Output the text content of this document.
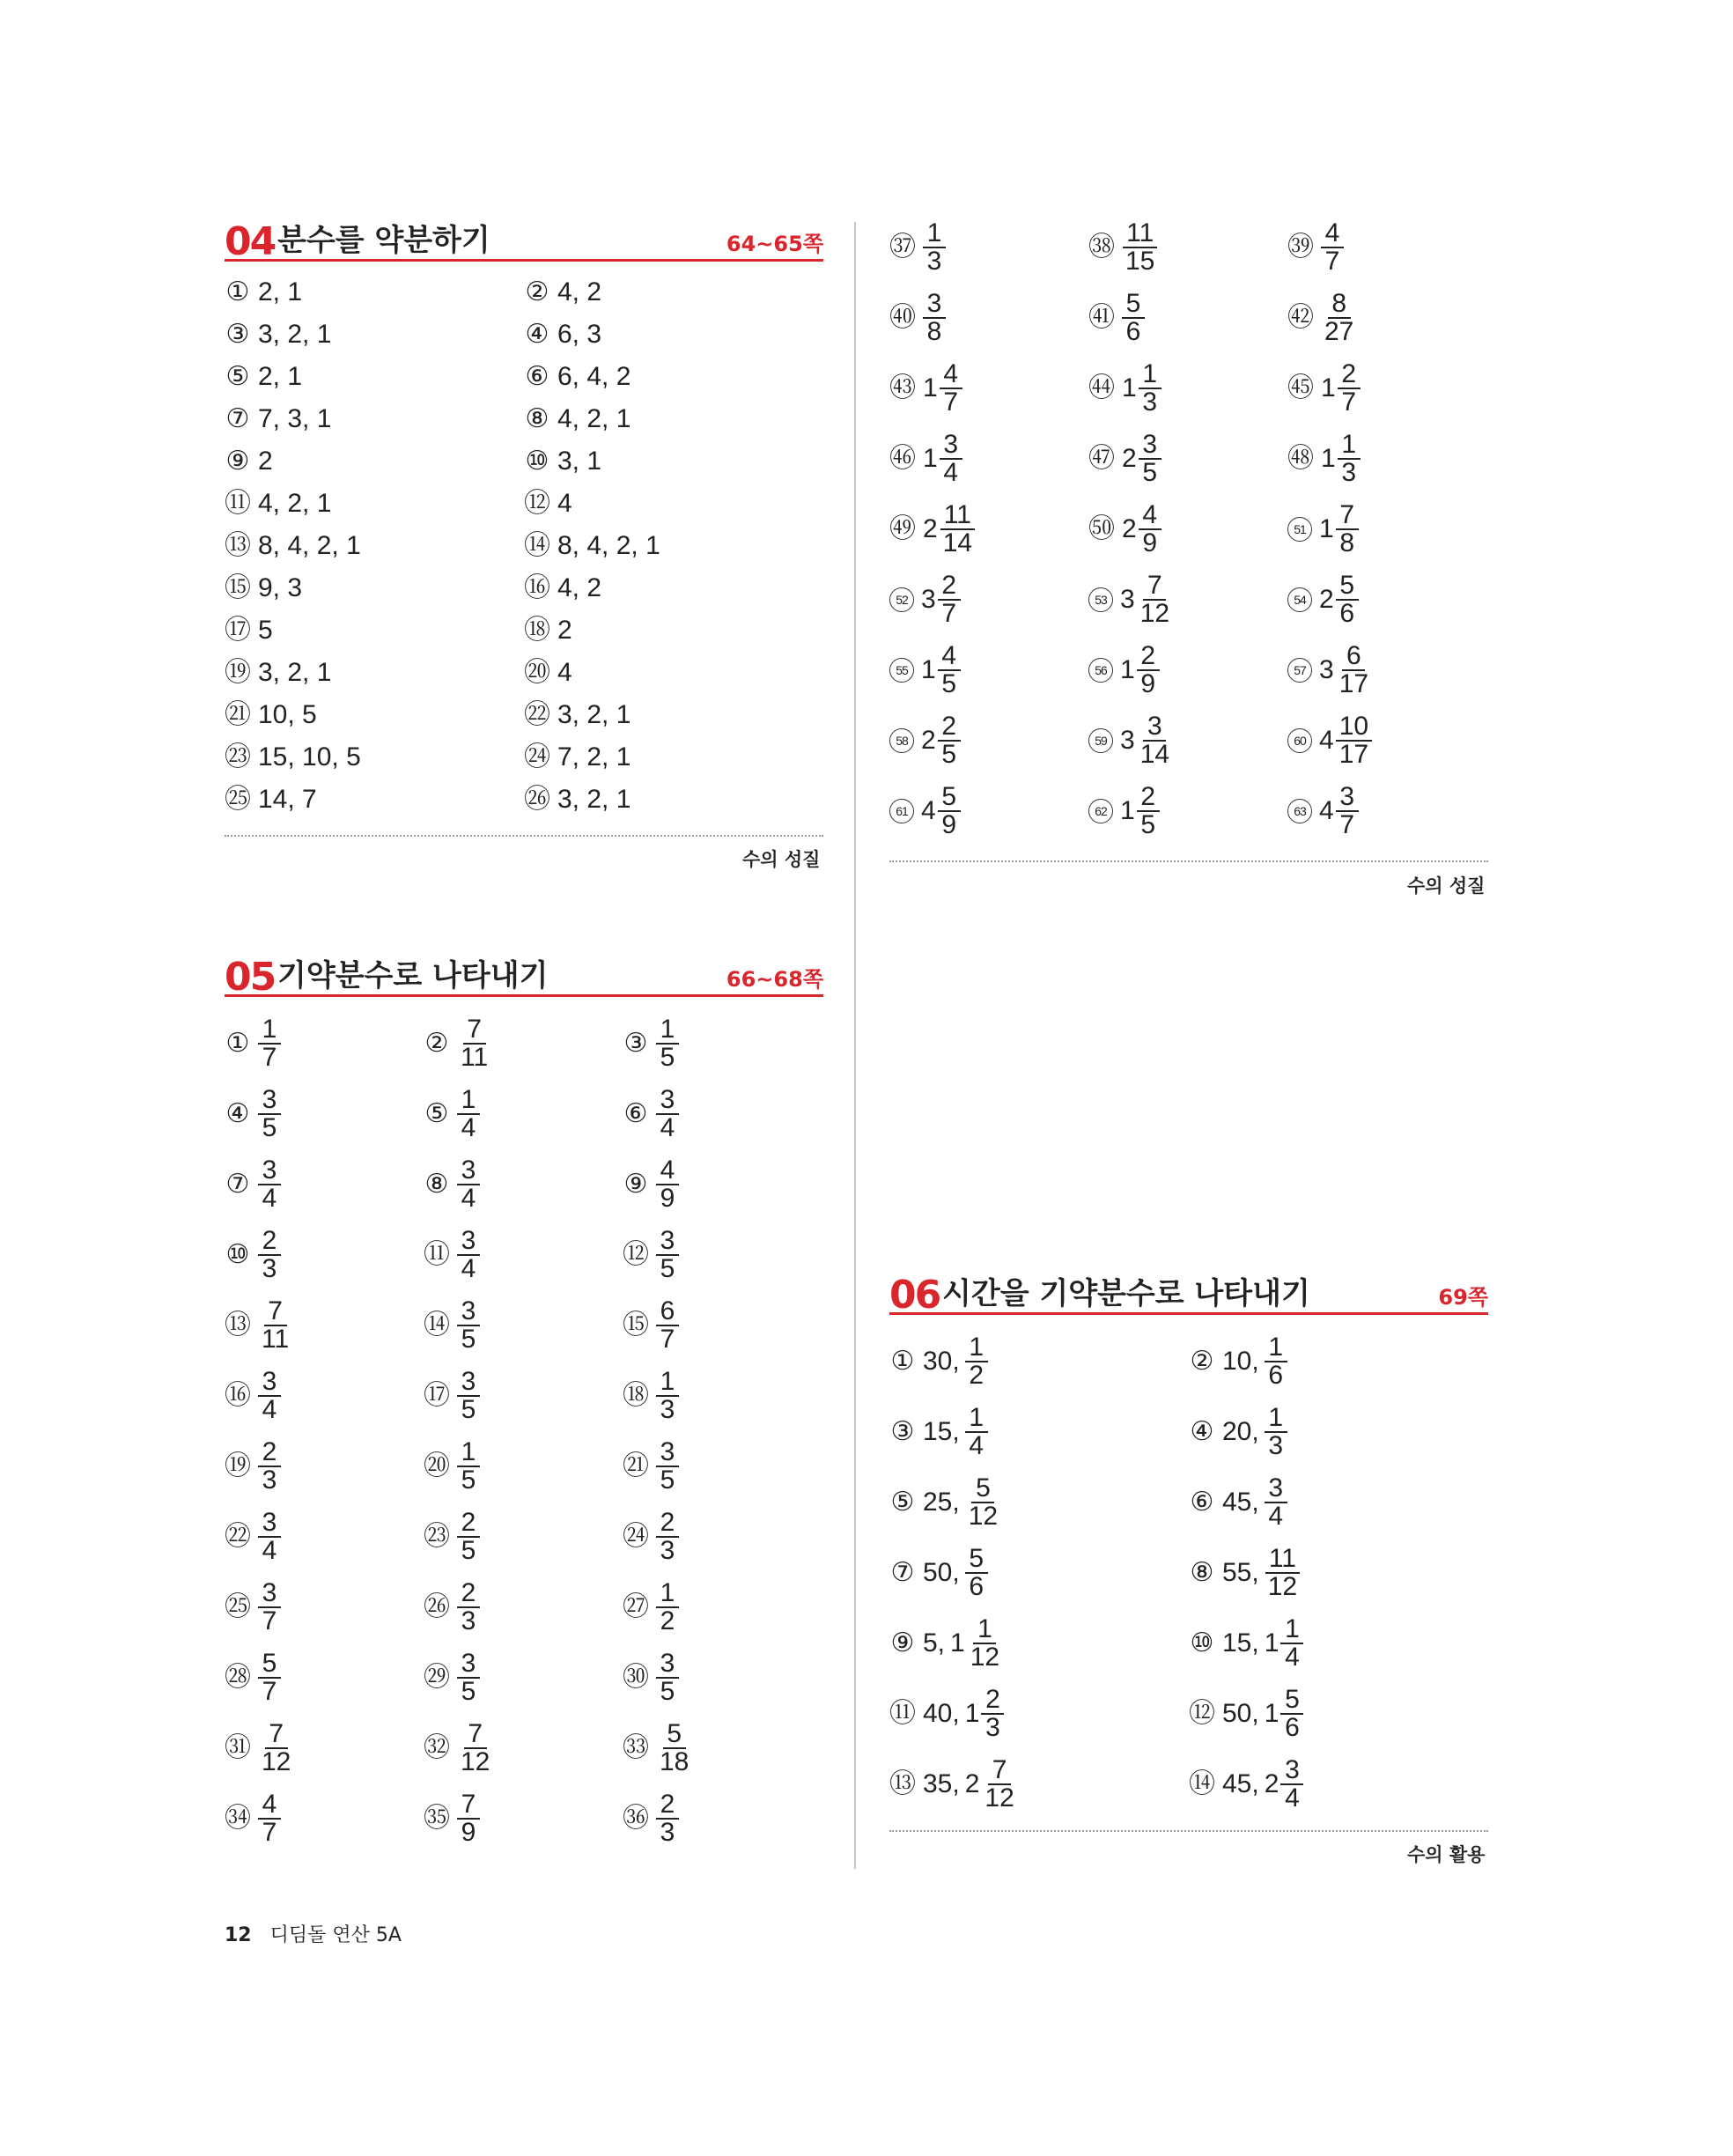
04 분수를 약분하기	64~65쪽
① 2, 1	② 4, 2
③ 3, 2, 1	④ 6, 3
⑤ 2, 1	⑥ 6, 4, 2
⑦ 7, 3, 1	⑧ 4, 2, 1
⑨ 2	⑩ 3, 1
⑪ 4, 2, 1	⑫ 4
⑬ 8, 4, 2, 1	⑭ 8, 4, 2, 1
⑮ 9, 3	⑯ 4, 2
⑰ 5	⑱ 2
⑲ 3, 2, 1	⑳ 4
㉑ 10, 5	㉒ 3, 2, 1
㉓ 15, 10, 5	㉔ 7, 2, 1
㉕ 14, 7	㉖ 3, 2, 1
수의 성질
05 기약분수로 나타내기	66~68쪽
① $\frac{1}{7}$	② $\frac{7}{11}$	③ $\frac{1}{5}$
④ $\frac{3}{5}$	⑤ $\frac{1}{4}$	⑥ $\frac{3}{4}$
⑦ $\frac{3}{4}$	⑧ $\frac{3}{4}$	⑨ $\frac{4}{9}$
⑩ $\frac{2}{3}$	⑪ $\frac{3}{4}$	⑫ $\frac{3}{5}$
⑬ $\frac{7}{11}$	⑭ $\frac{3}{5}$	⑮ $\frac{6}{7}$
⑯ $\frac{3}{4}$	⑰ $\frac{3}{5}$	⑱ $\frac{1}{3}$
⑲ $\frac{2}{3}$	⑳ $\frac{1}{5}$	㉑ $\frac{3}{5}$
㉒ $\frac{3}{4}$	㉓ $\frac{2}{5}$	㉔ $\frac{2}{3}$
㉕ $\frac{3}{7}$	㉖ $\frac{2}{3}$	㉗ $\frac{1}{2}$
㉘ $\frac{5}{7}$	㉙ $\frac{3}{5}$	㉚ $\frac{3}{5}$
㉛ $\frac{7}{12}$	㉜ $\frac{7}{12}$	㉝ $\frac{5}{18}$
㉞ $\frac{4}{7}$	㉟ $\frac{7}{9}$	㊱ $\frac{2}{3}$
㊲ $\frac{1}{3}$	㊳ $\frac{11}{15}$	㊴ $\frac{4}{7}$
㊵ $\frac{3}{8}$	㊶ $\frac{5}{6}$	㊷ $\frac{8}{27}$
㊸ $1 \frac{4}{7}$	㊹ $1 \frac{1}{3}$	㊺ $1 \frac{2}{7}$
㊻ $1 \frac{3}{4}$	㊼ $2 \frac{3}{5}$	㊽ $1 \frac{1}{3}$
㊾ $2 \frac{11}{14}$	㊿ $2 \frac{4}{9}$	51 $1 \frac{7}{8}$
52 $3 \frac{2}{7}$	53 $3 \frac{7}{12}$	54 $2 \frac{5}{6}$
55 $1 \frac{4}{5}$	56 $1 \frac{2}{9}$	57 $3 \frac{6}{17}$
58 $2 \frac{2}{5}$	59 $3 \frac{3}{14}$	60 $4 \frac{10}{17}$
61 $4 \frac{5}{9}$	62 $1 \frac{2}{5}$	63 $4 \frac{3}{7}$
수의 성질
06 시간을 기약분수로 나타내기	69쪽
① 30, $\frac{1}{2}$	② 10, $\frac{1}{6}$
③ 15, $\frac{1}{4}$	④ 20, $\frac{1}{3}$
⑤ 25, $\frac{5}{12}$	⑥ 45, $\frac{3}{4}$
⑦ 50, $\frac{5}{6}$	⑧ 55, $\frac{11}{12}$
⑨ 5, $1 \frac{1}{12}$	⑩ 15, $1 \frac{1}{4}$
⑪ 40, $1 \frac{2}{3}$	⑫ 50, $1 \frac{5}{6}$
⑬ 35, $2 \frac{7}{12}$	⑭ 45, $2 \frac{3}{4}$
수의 활용
12 디딤돌 연산 5A
